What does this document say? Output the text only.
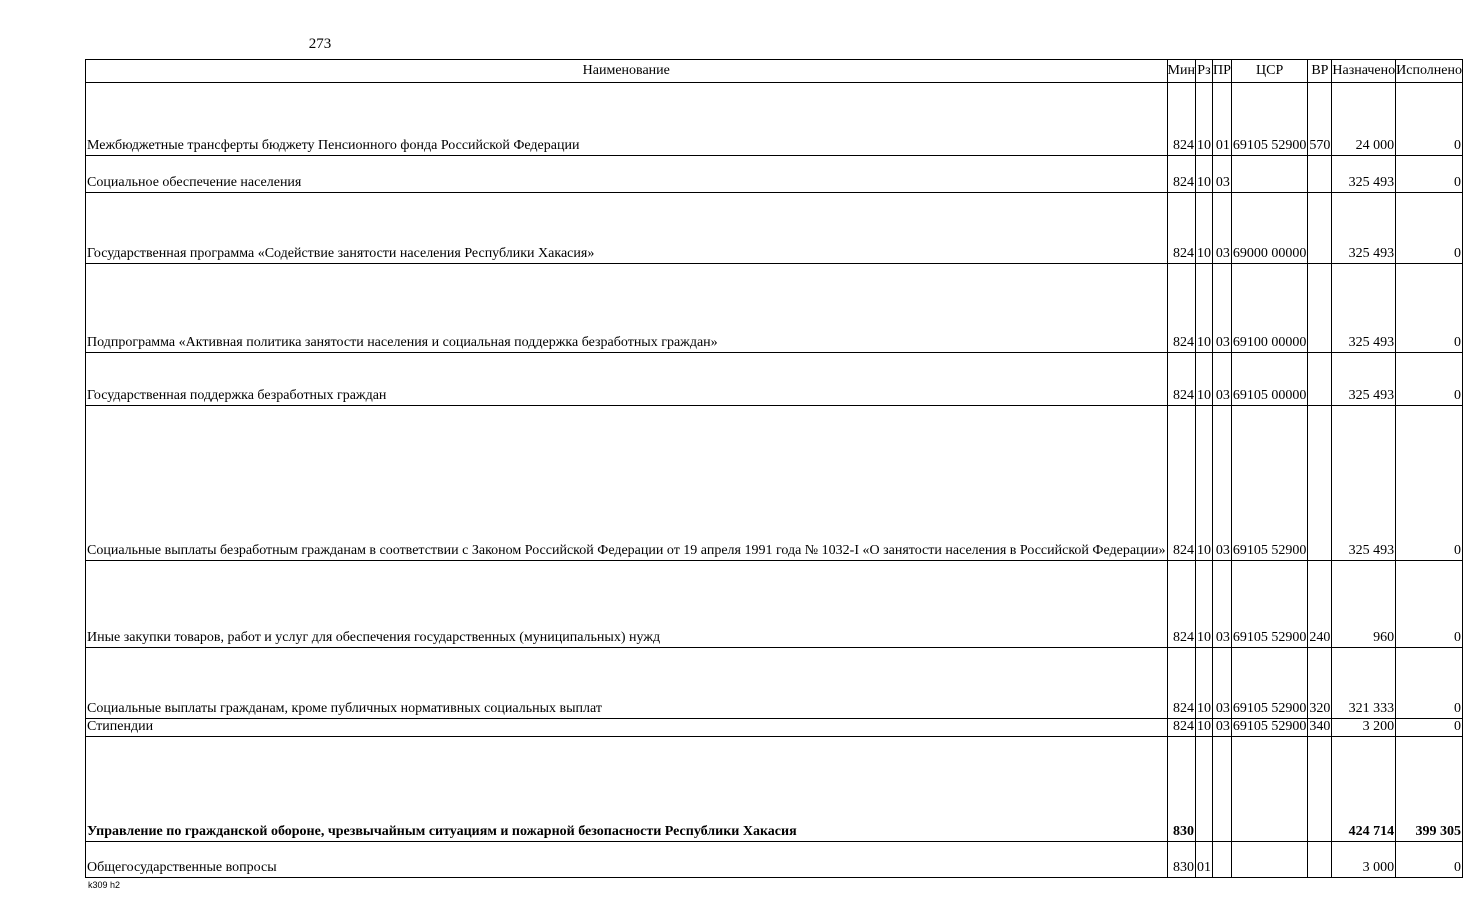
273
Наименование	Мин	Рз	ПР	ЦСР	ВР	Назначено	Исполнено
Межбюджетные трансферты бюджету Пенсионного фонда Российской Федерации	824	10	01	69105 52900	570	24 000	0
Социальное обеспечение населения	824	10	03			325 493	0
Государственная программа «Содействие занятости населения Республики Хакасия»	824	10	03	69000 00000		325 493	0
Подпрограмма «Активная политика занятости населения и социальная поддержка безработных граждан»	824	10	03	69100 00000		325 493	0
Государственная поддержка безработных граждан	824	10	03	69105 00000		325 493	0
Социальные выплаты безработным гражданам в соответствии с Законом Российской Федерации от 19 апреля 1991 года № 1032-I «О занятости населения в Российской Федерации»	824	10	03	69105 52900		325 493	0
Иные закупки товаров, работ и услуг для обеспечения государственных (муниципальных) нужд	824	10	03	69105 52900	240	960	0
Социальные выплаты гражданам, кроме публичных нормативных социальных выплат	824	10	03	69105 52900	320	321 333	0
Стипендии	824	10	03	69105 52900	340	3 200	0
Управление по гражданской обороне, чрезвычайным ситуациям и пожарной безопасности Республики Хакасия	830					424 714	399 305
Общегосударственные вопросы	830	01				3 000	0
k309 h2
